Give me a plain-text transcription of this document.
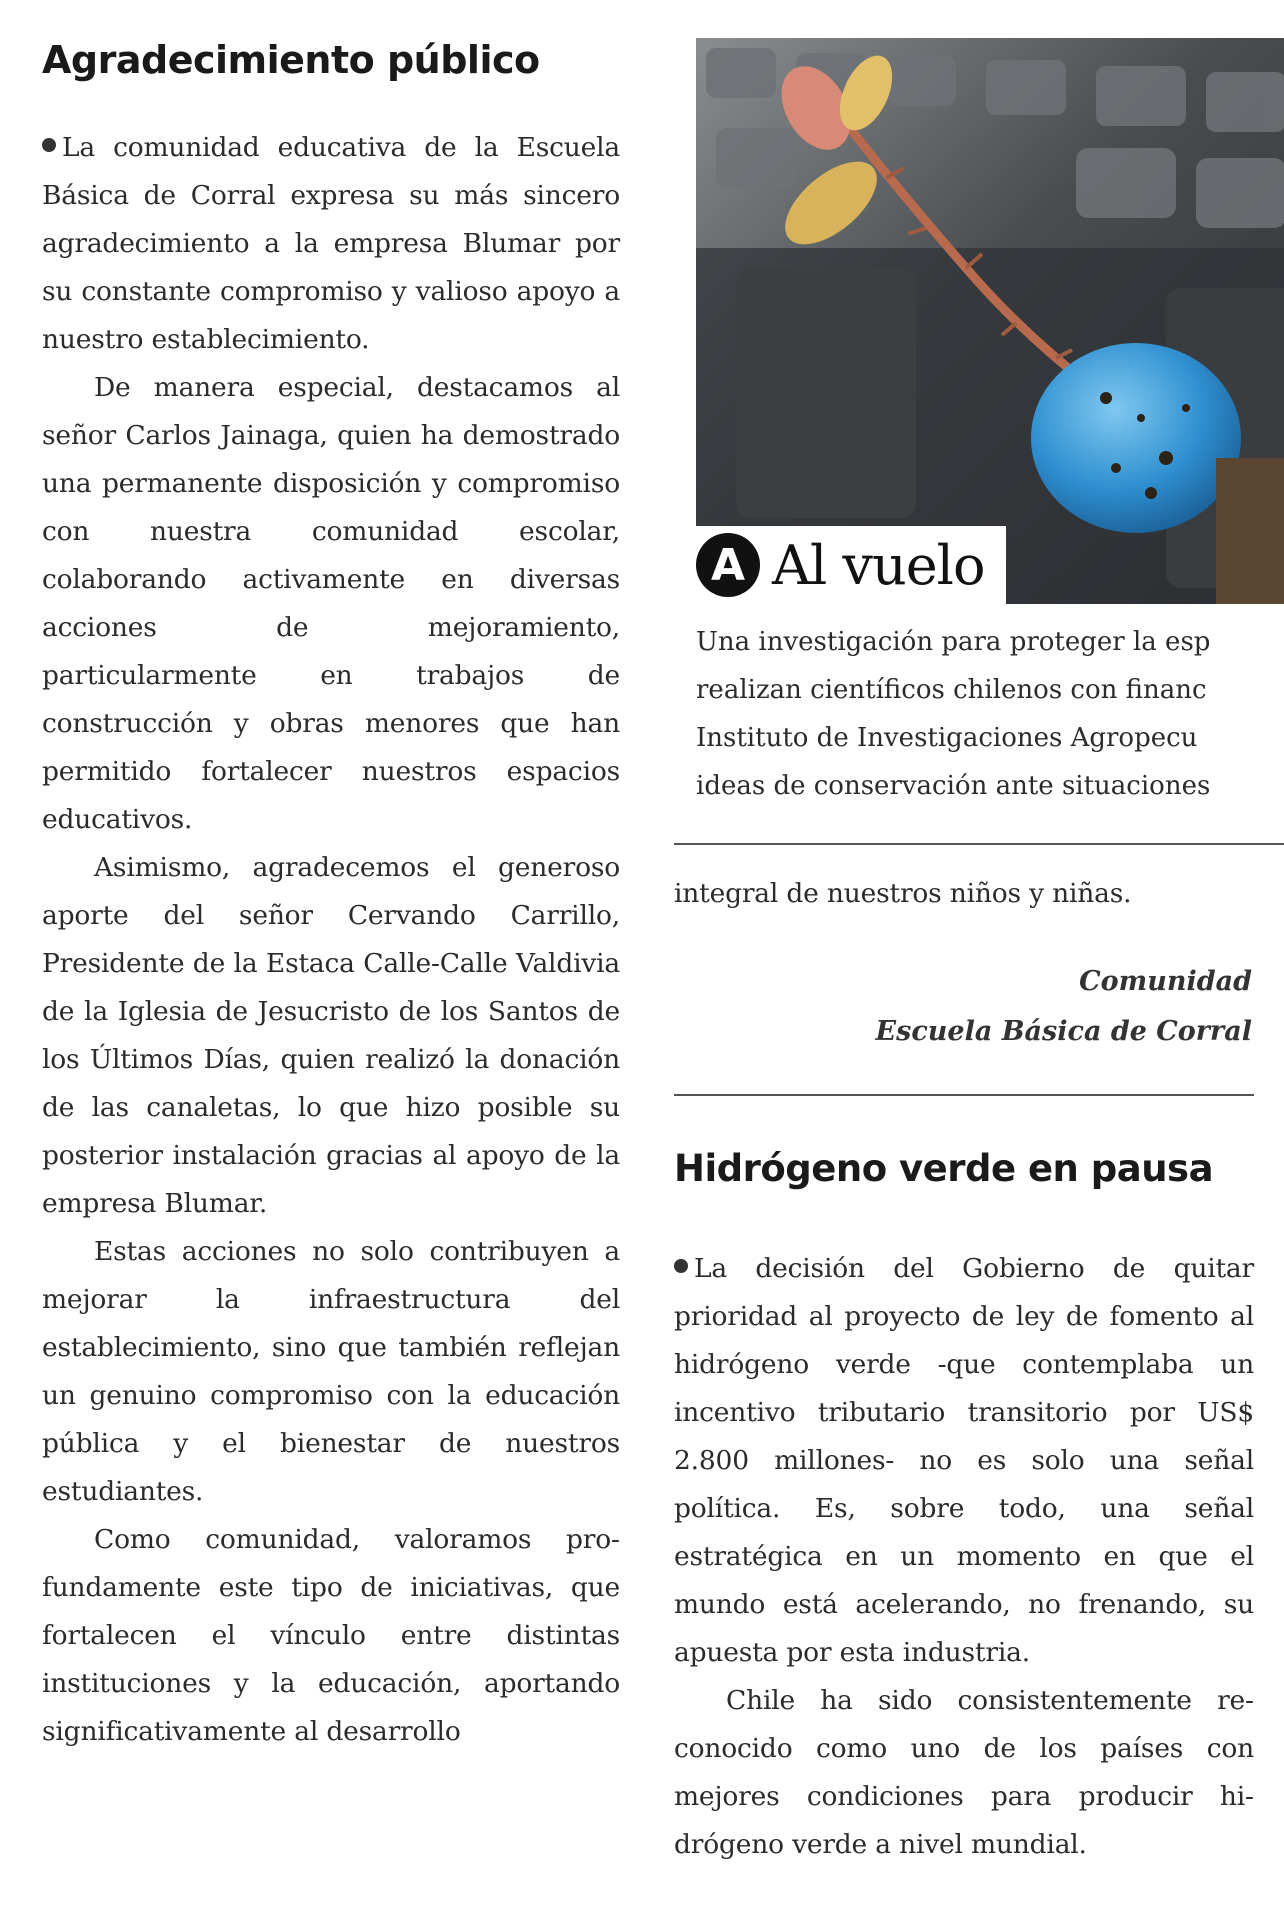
Agradecimiento público

La comunidad educativa de la Escuela Básica de Corral expresa su más sincero agradecimiento a la empresa Blumar por su constante compromiso y valioso apoyo a nuestro establecimiento.

De manera especial, destacamos al señor Carlos Jainaga, quien ha demostrado una permanente disposición y compromiso con nuestra comunidad escolar, colaborando activamente en diversas acciones de mejoramiento, particularmente en trabajos de construcción y obras menores que han permitido fortalecer nuestros espacios educativos.

Asimismo, agradecemos el generoso aporte del señor Cervando Carrillo, Presidente de la Estaca Calle-Calle Valdivia de la Iglesia de Jesucristo de los Santos de los Últimos Días, quien realizó la donación de las canaletas, lo que hizo posible su posterior instalación gracias al apoyo de la empresa Blumar.

Estas acciones no solo contribuyen a mejorar la infraestructura del establecimiento, sino que también reflejan un genuino compromiso con la educación pública y el bienestar de nuestros estudiantes.

Como comunidad, valoramos profundamente este tipo de iniciativas, que fortalecen el vínculo entre distintas instituciones y la educación, aportando significativamente al desarrollo

A Al vuelo
Una investigación para proteger la esp
realizan científicos chilenos con financ
Instituto de Investigaciones Agropecu
ideas de conservación ante situaciones
integral de nuestros niños y niñas.
Comunidad
Escuela Básica de Corral
Hidrógeno verde en pausa

La decisión del Gobierno de quitar prioridad al proyecto de ley de fomento al hidrógeno verde -que contemplaba un incentivo tributario transitorio por US$ 2.800 millones- no es solo una señal política. Es, sobre todo, una señal estratégica en un momento en que el mundo está acelerando, no frenando, su apuesta por esta industria.

Chile ha sido consistentemente reconocido como uno de los países con mejores condiciones para producir hidrógeno verde a nivel mundial.
